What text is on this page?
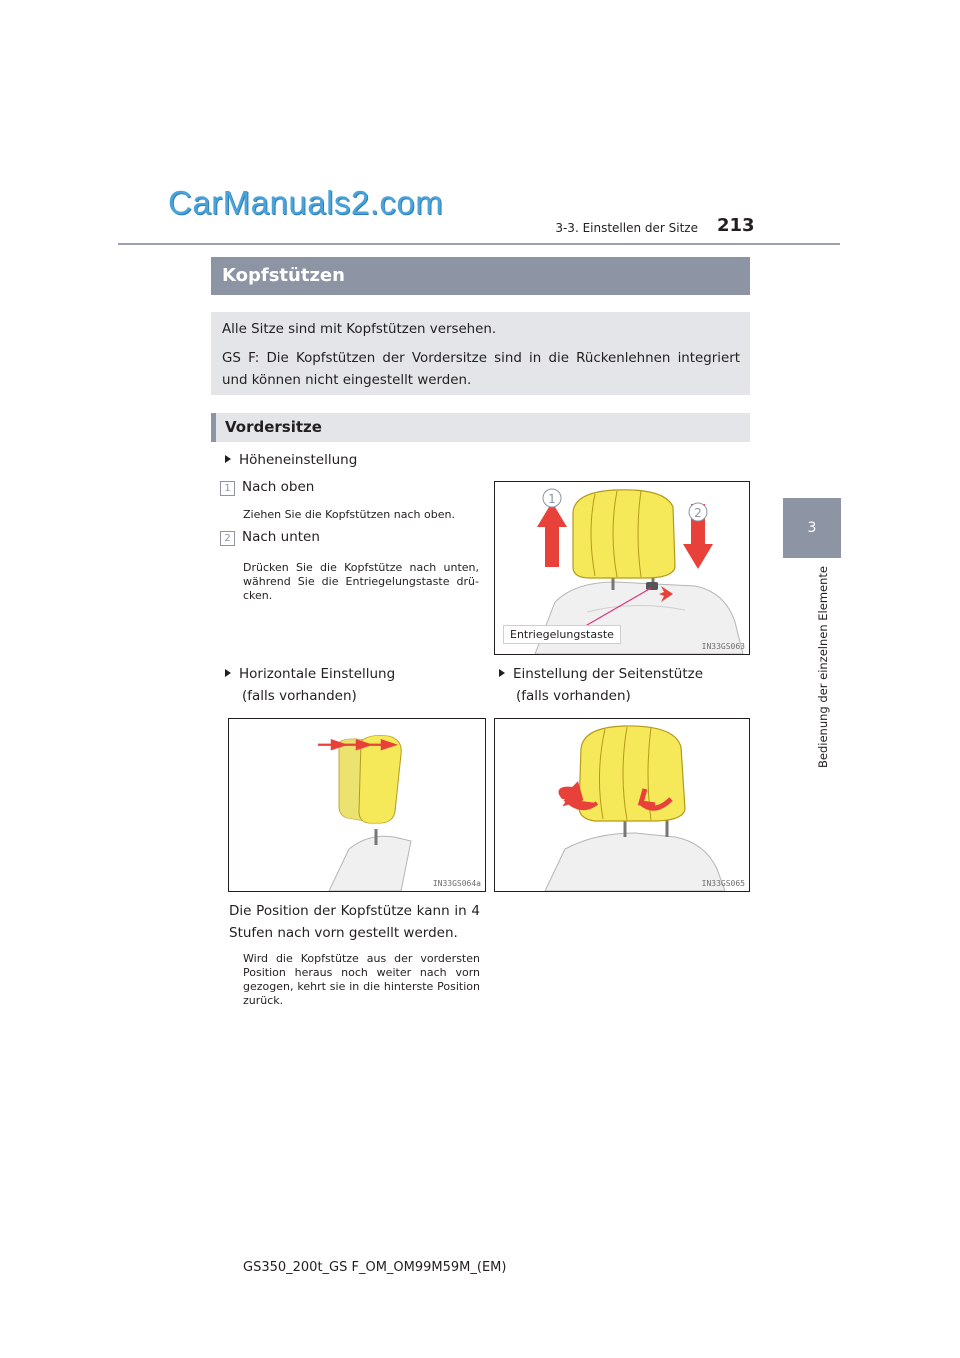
CarManuals2.com
3-3. Einstellen der Sitze 213
3
Bedienung der einzelnen Elemente
Kopfstützen

Alle Sitze sind mit Kopfstützen versehen.

GS F: Die Kopfstützen der Vordersitze sind in die Rückenlehnen integriert und können nicht eingestellt werden.

Vordersitze
Höheneinstellung
1 Nach oben
Ziehen Sie die Kopfstützen nach oben.
2 Nach unten
Drücken Sie die Kopfstütze nach unten, während Sie die Entriegelungstaste drü-cken.
1
2
Entriegelungstaste
IN33GS063
Horizontale Einstellung
(falls vorhanden)
Einstellung der Seitenstütze
(falls vorhanden)
IN33GS064a	IN33GS065
Die Position der Kopfstütze kann in 4 Stufen nach vorn gestellt werden.
Wird die Kopfstütze aus der vordersten Position heraus noch weiter nach vorn gezogen, kehrt sie in die hinterste Position zurück.
GS350_200t_GS F_OM_OM99M59M_(EM)
